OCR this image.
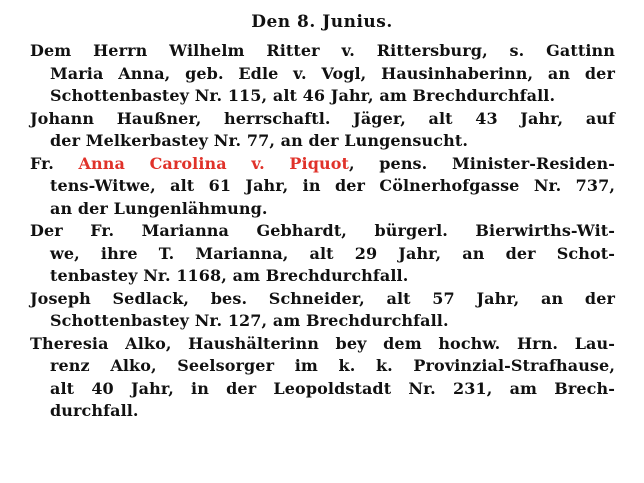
Den 8. Junius.
Dem Herrn Wilhelm Ritter v. Rittersburg, s. Gattinn
Maria Anna, geb. Edle v. Vogl, Hausinhaberinn, an der
Schottenbastey Nr. 115, alt 46 Jahr, am Brechdurchfall.
Johann Haußner, herrschaftl. Jäger, alt 43 Jahr, auf
der Melkerbastey Nr. 77, an der Lungensucht.
Fr. Anna Carolina v. Piquot, pens. Minister-Residen-
tens-Witwe, alt 61 Jahr, in der Cölnerhofgasse Nr. 737,
an der Lungenlähmung.
Der Fr. Marianna Gebhardt, bürgerl. Bierwirths-Wit-
we, ihre T. Marianna, alt 29 Jahr, an der Schot-
tenbastey Nr. 1168, am Brechdurchfall.
Joseph Sedlack, bes. Schneider, alt 57 Jahr, an der
Schottenbastey Nr. 127, am Brechdurchfall.
Theresia Alko, Haushälterinn bey dem hochw. Hrn. Lau-
renz Alko, Seelsorger im k. k. Provinzial-Strafhause,
alt 40 Jahr, in der Leopoldstadt Nr. 231, am Brech-
durchfall.
